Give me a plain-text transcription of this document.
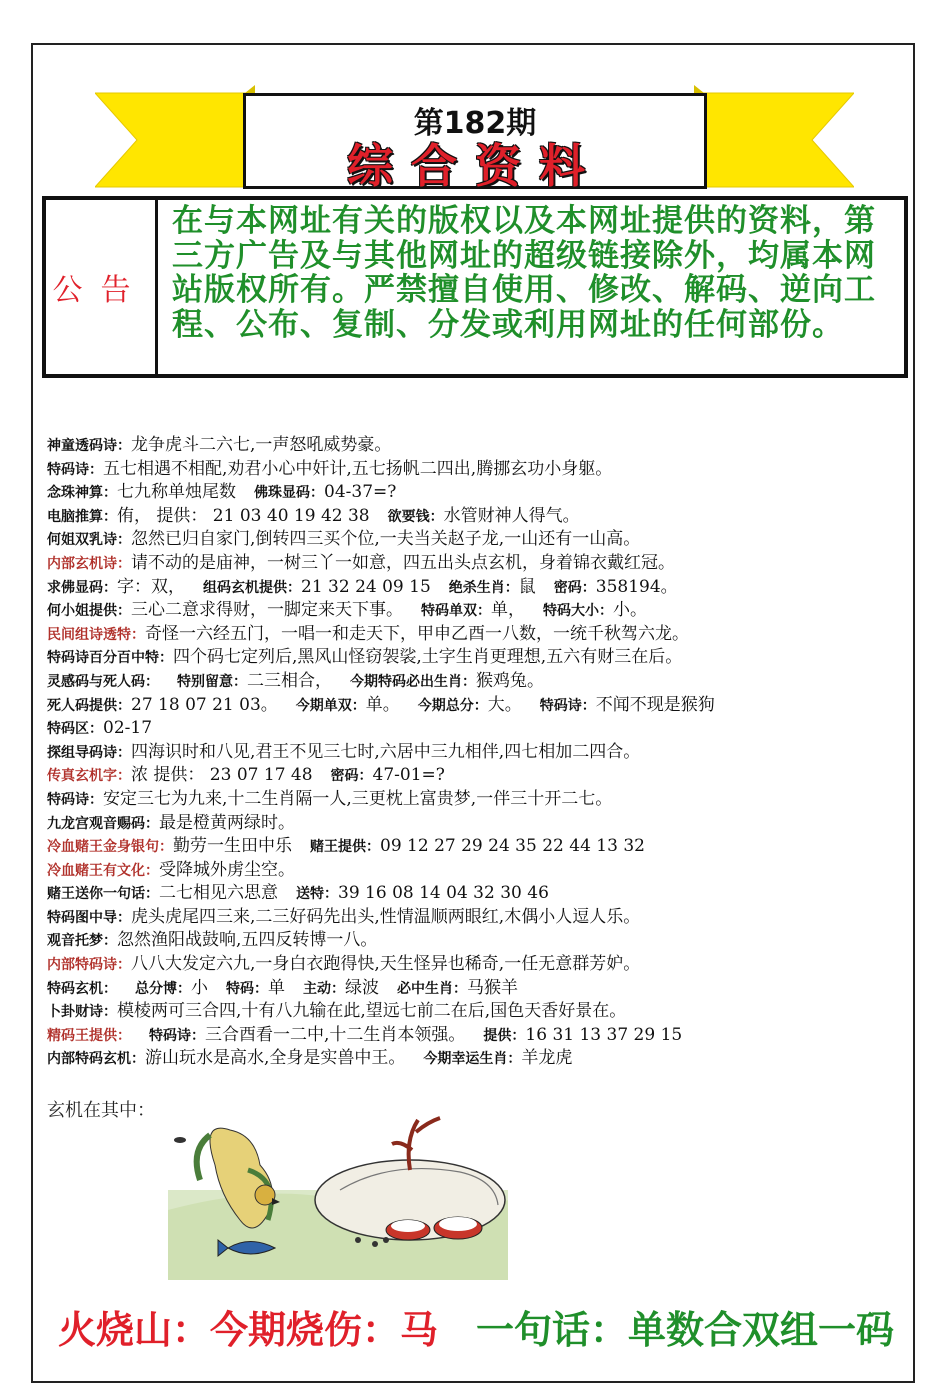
第182期
综合资料
公告
在与本网址有关的版权以及本网址提供的资料，第三方广告及与其他网址的超级链接除外，均属本网站版权所有。严禁擅自使用、修改、解码、逆向工程、公布、复制、分发或利用网址的任何部份。
神童透码诗：龙争虎斗二六七,一声怒吼威势豪。
特码诗：五七相遇不相配,劝君小心中奸计,五七扬帆二四出,腾挪玄功小身躯。
念珠神算：七九称单烛尾数 佛珠显码：04-37=?
电脑推算：侑， 提供： 21 03 40 19 42 38 欲要钱：水管财神人得气。
何姐双乳诗：忽然已归自家门,倒转四三买个位,一夫当关赵子龙,一山还有一山高。
内部玄机诗：请不动的是庙神，一树三丫一如意，四五出头点玄机，身着锦衣戴红冠。
求佛显码：字：双， 组码玄机提供：21 32 24 09 15 绝杀生肖：鼠 密码：358194。
何小姐提供：三心二意求得财，一脚定来天下事。 特码单双：单， 特码大小：小。
民间组诗透特：奇怪一六经五门，一唱一和走天下，甲申乙酉一八数，一统千秋驾六龙。
特码诗百分百中特：四个码七定列后,黑风山怪窃袈裟,土字生肖更理想,五六有财三在后。
灵感码与死人码： 特别留意：二三相合， 今期特码必出生肖：猴鸡兔。
死人码提供：27 18 07 21 03。 今期单双：单。 今期总分：大。 特码诗：不闻不现是猴狗
特码区：02-17
探组导码诗：四海识时和八见,君王不见三七时,六居中三九相伴,四七相加二四合。
传真玄机字：浓 提供： 23 07 17 48 密码：47-01=?
特码诗：安定三七为九来,十二生肖隔一人,三更枕上富贵梦,一伴三十开二七。
九龙宫观音赐码：最是橙黄两绿时。
冷血赌王金身银句：勤劳一生田中乐 赌王提供：09 12 27 29 24 35 22 44 13 32
冷血赌王有文化：受降城外虏尘空。
赌王送你一句话：二七相见六思意 送特：39 16 08 14 04 32 30 46
特码图中导：虎头虎尾四三来,二三好码先出头,性情温顺两眼红,木偶小人逗人乐。
观音托梦：忽然渔阳战鼓响,五四反转博一八。
内部特码诗：八八大发定六九,一身白衣跑得快,天生怪异也稀奇,一任无意群芳妒。
特码玄机： 总分博：小 特码：单 主动：绿波 必中生肖：马猴羊
卜卦财诗：模棱两可三合四,十有八九输在此,望远七前二在后,国色天香好景在。
精码王提供： 特码诗：三合酉看一二中,十二生肖本领强。 提供：16 31 13 37 29 15
内部特码玄机：游山玩水是高水,全身是实兽中王。 今期幸运生肖：羊龙虎
玄机在其中：
火烧山：今期烧伤：马 一句话：单数合双组一码
